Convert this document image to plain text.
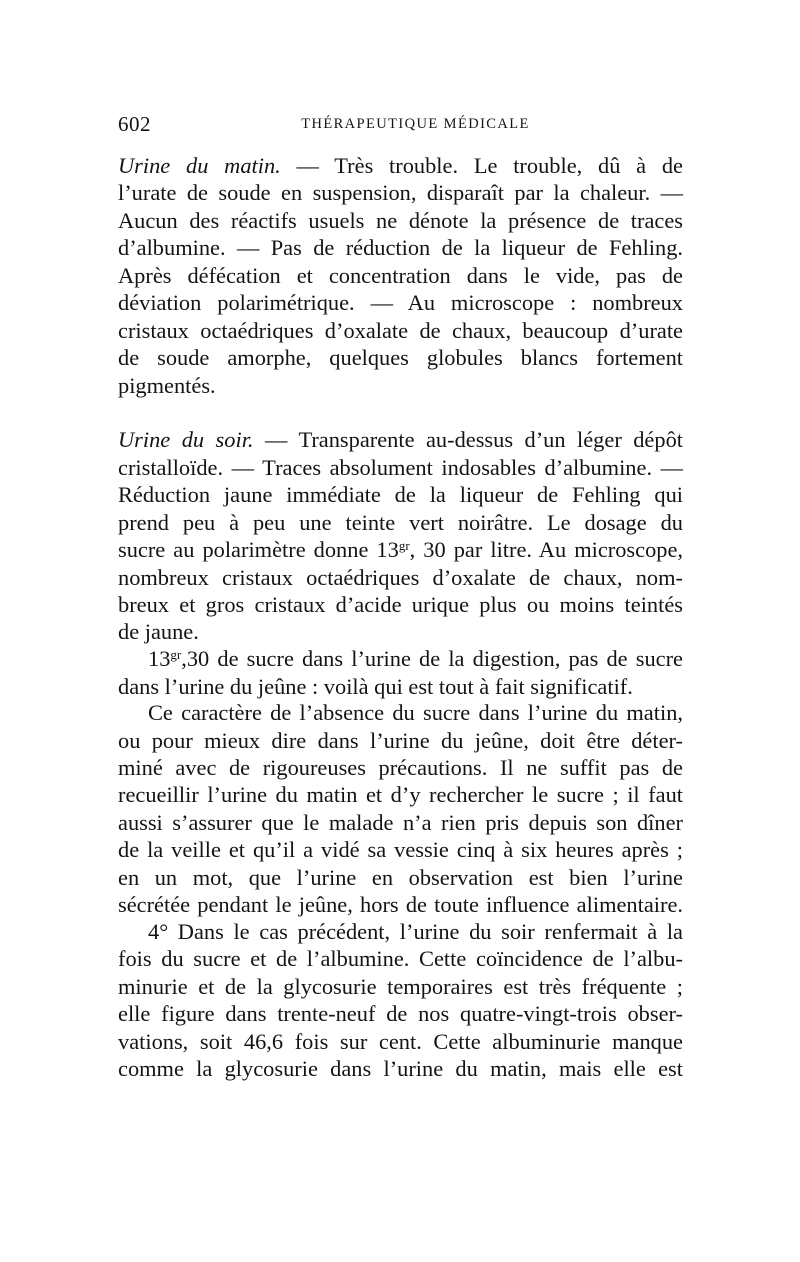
602	THÉRAPEUTIQUE MÉDICALE
Urine du matin. — Très trouble. Le trouble, dû à de
l’urate de soude en suspension, disparaît par la chaleur. —
Aucun des réactifs usuels ne dénote la présence de traces
d’albumine. — Pas de réduction de la liqueur de Fehling.
Après défécation et concentration dans le vide, pas de
déviation polarimétrique. — Au microscope : nombreux
cristaux octaédriques d’oxalate de chaux, beaucoup d’urate
de soude amorphe, quelques globules blancs fortement
pigmentés.
Urine du soir. — Transparente au-dessus d’un léger dépôt
cristalloïde. — Traces absolument indosables d’albumine. —
Réduction jaune immédiate de la liqueur de Fehling qui
prend peu à peu une teinte vert noirâtre. Le dosage du
sucre au polarimètre donne $13^{gr}$, 30 par litre. Au microscope,
nombreux cristaux octaédriques d’oxalate de chaux, nom-
breux et gros cristaux d’acide urique plus ou moins teintés
de jaune.
$13^{gr},30$ de sucre dans l’urine de la digestion, pas de sucre
dans l’urine du jeûne : voilà qui est tout à fait significatif.
Ce caractère de l’absence du sucre dans l’urine du matin,
ou pour mieux dire dans l’urine du jeûne, doit être déter-
miné avec de rigoureuses précautions. Il ne suffit pas de
recueillir l’urine du matin et d’y rechercher le sucre ; il faut
aussi s’assurer que le malade n’a rien pris depuis son dîner
de la veille et qu’il a vidé sa vessie cinq à six heures après ;
en un mot, que l’urine en observation est bien l’urine
sécrétée pendant le jeûne, hors de toute influence alimentaire.
4° Dans le cas précédent, l’urine du soir renfermait à la
fois du sucre et de l’albumine. Cette coïncidence de l’albu-
minurie et de la glycosurie temporaires est très fréquente ;
elle figure dans trente-neuf de nos quatre-vingt-trois obser-
vations, soit 46,6 fois sur cent. Cette albuminurie manque
comme la glycosurie dans l’urine du matin, mais elle est
